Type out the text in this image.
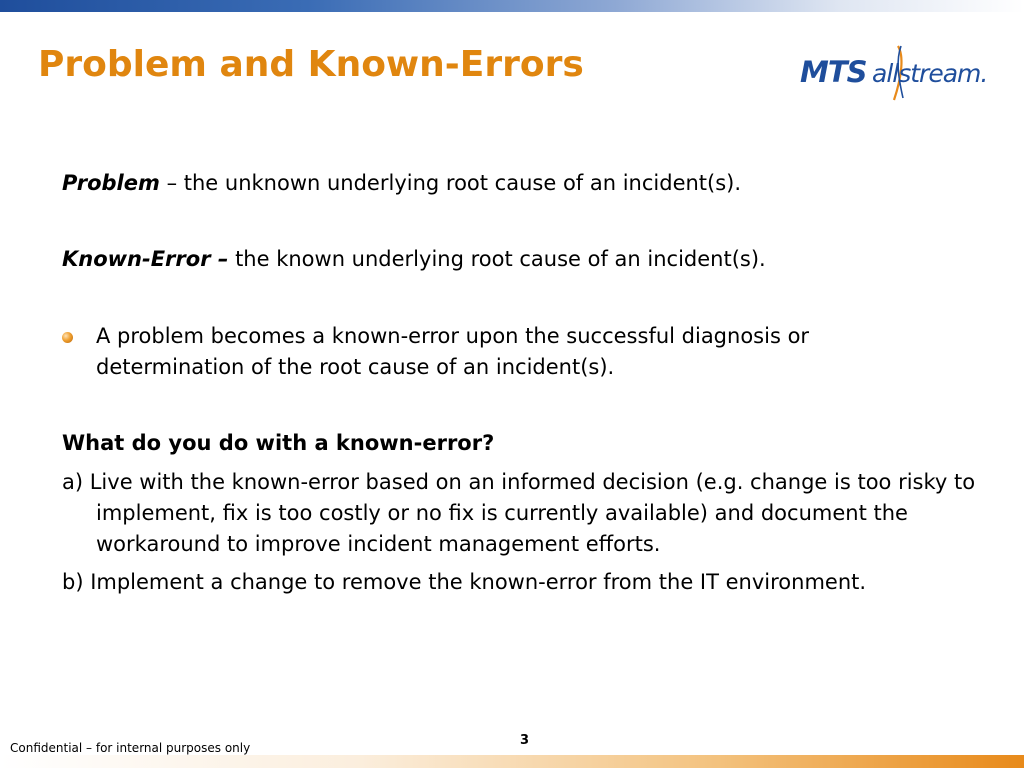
Problem and Known-Errors	MTS allstream.

Problem – the unknown underlying root cause of an incident(s).

Known-Error – the known underlying root cause of an incident(s).

A problem becomes a known-error upon the successful diagnosis or determination of the root cause of an incident(s).
What do you do with a known-error?
a) Live with the known-error based on an informed decision (e.g. change is too risky to implement, fix is too costly or no fix is currently available) and document the workaround to improve incident management efforts.
b) Implement a change to remove the known-error from the IT environment.
3
Confidential – for internal purposes only
